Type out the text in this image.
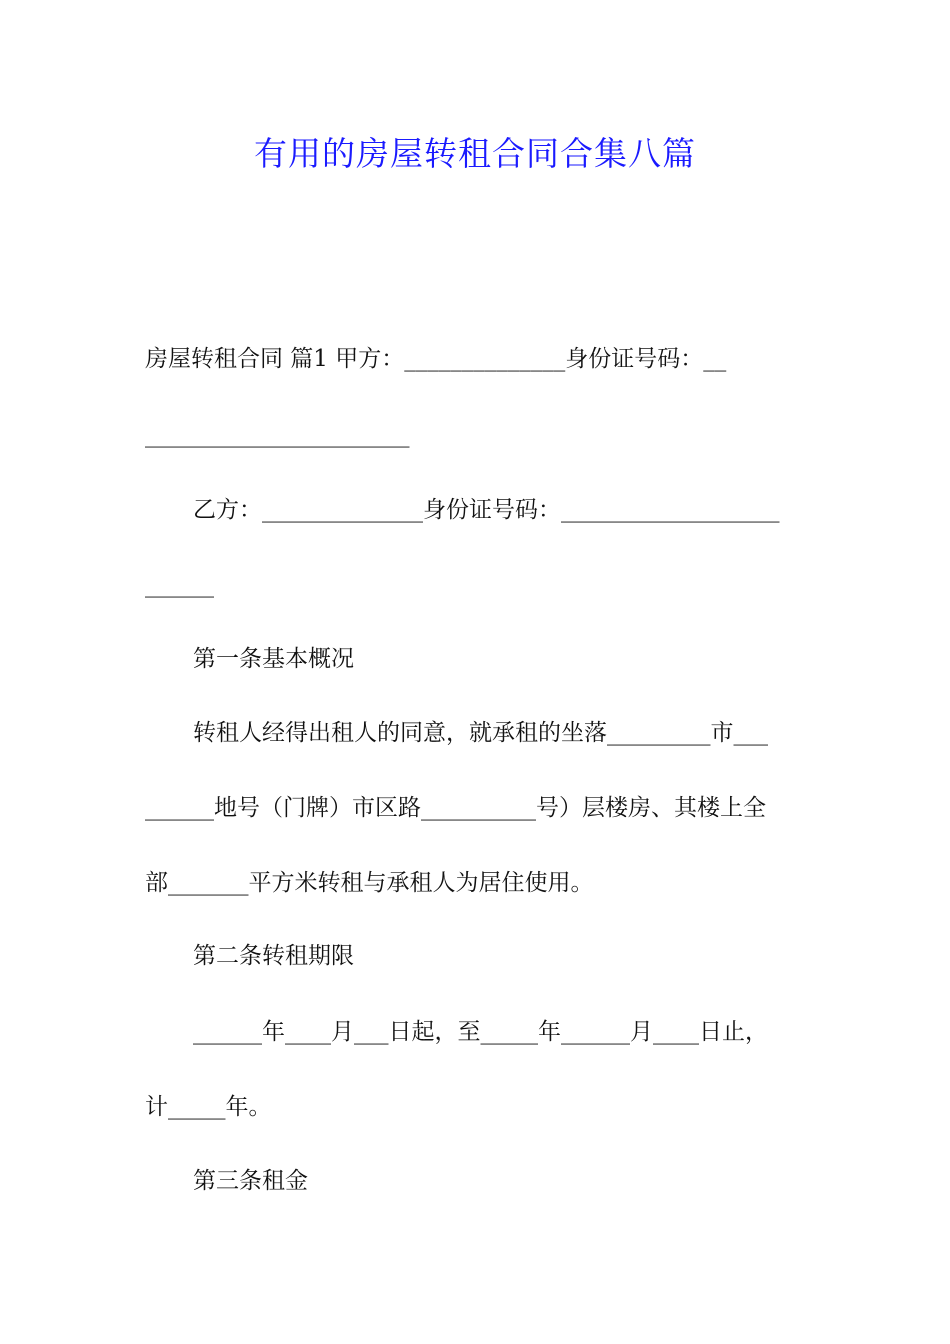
有用的房屋转租合同合集八篇
房屋转租合同 篇1 甲方：______________身份证号码：__
_______________________
乙方：______________身份证号码：___________________
______
第一条基本概况
转租人经得出租人的同意，就承租的坐落_________市___
______地号（门牌）市区路__________号）层楼房、其楼上全
部_______平方米转租与承租人为居住使用。
第二条转租期限
______年____月___日起，至_____年______月____日止，
计_____年。
第三条租金
